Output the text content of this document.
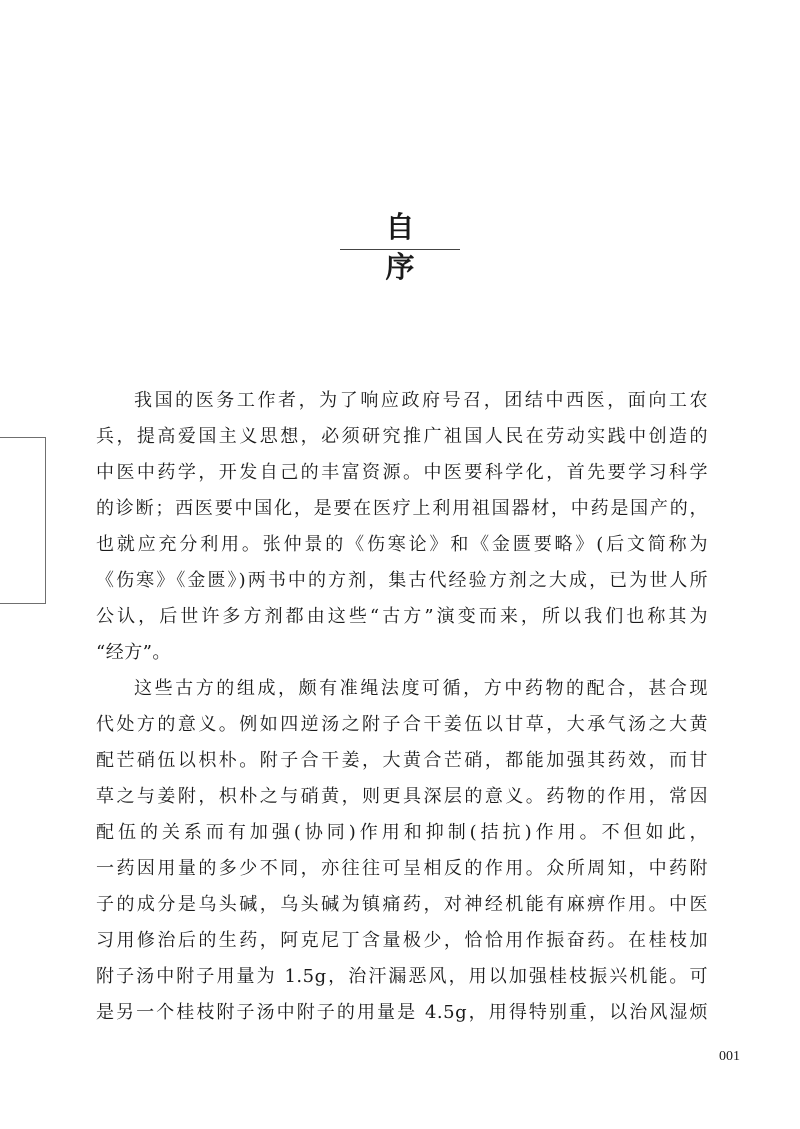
自 序
我国的医务工作者，为了响应政府号召，团结中西医，面向工农
兵，提高爱国主义思想，必须研究推广祖国人民在劳动实践中创造的
中医中药学，开发自己的丰富资源。中医要科学化，首先要学习科学
的诊断；西医要中国化，是要在医疗上利用祖国器材，中药是国产的，
也就应充分利用。张仲景的《伤寒论》和《金匮要略》(后文简称为
《伤寒》《金匮》)两书中的方剂，集古代经验方剂之大成，已为世人所
公认，后世许多方剂都由这些“古方”演变而来，所以我们也称其为
“经方”。
这些古方的组成，颇有准绳法度可循，方中药物的配合，甚合现
代处方的意义。例如四逆汤之附子合干姜伍以甘草，大承气汤之大黄
配芒硝伍以枳朴。附子合干姜，大黄合芒硝，都能加强其药效，而甘
草之与姜附，枳朴之与硝黄，则更具深层的意义。药物的作用，常因
配伍的关系而有加强(协同)作用和抑制(拮抗)作用。不但如此，
一药因用量的多少不同，亦往往可呈相反的作用。众所周知，中药附
子的成分是乌头碱，乌头碱为镇痛药，对神经机能有麻痹作用。中医
习用修治后的生药，阿克尼丁含量极少，恰恰用作振奋药。在桂枝加
附子汤中附子用量为 1.5g，治汗漏恶风，用以加强桂枝振兴机能。可
是另一个桂枝附子汤中附子的用量是 4.5g，用得特别重，以治风湿烦
001
